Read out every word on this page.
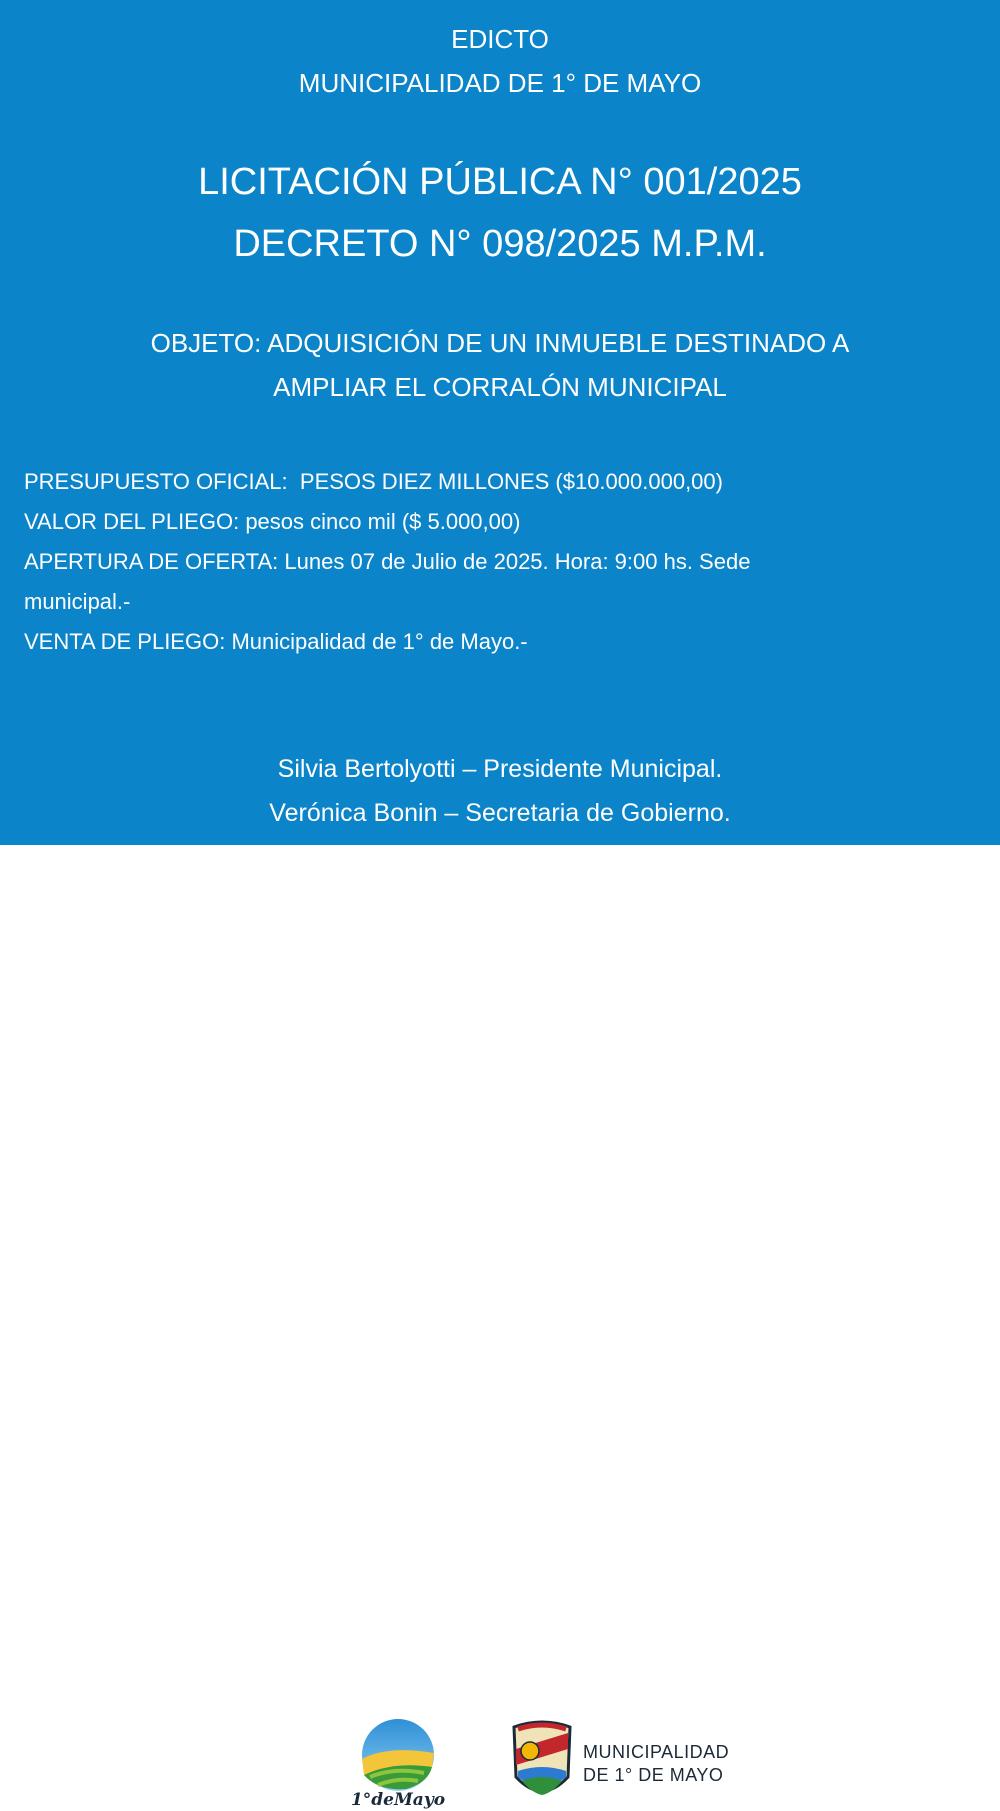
EDICTO
MUNICIPALIDAD DE 1° DE MAYO
LICITACIÓN PÚBLICA N° 001/2025
DECRETO N° 098/2025 M.P.M.
OBJETO: ADQUISICIÓN DE UN INMUEBLE DESTINADO A
AMPLIAR EL CORRALÓN MUNICIPAL
PRESUPUESTO OFICIAL: PESOS DIEZ MILLONES ($10.000.000,00)
VALOR DEL PLIEGO: pesos cinco mil ($ 5.000,00)
APERTURA DE OFERTA: Lunes 07 de Julio de 2025. Hora: 9:00 hs. Sede
municipal.-
VENTA DE PLIEGO: Municipalidad de 1° de Mayo.-
Silvia Bertolyotti – Presidente Municipal.
Verónica Bonin – Secretaria de Gobierno.
1°deMayo
MUNICIPALIDAD
DE 1° DE MAYO
